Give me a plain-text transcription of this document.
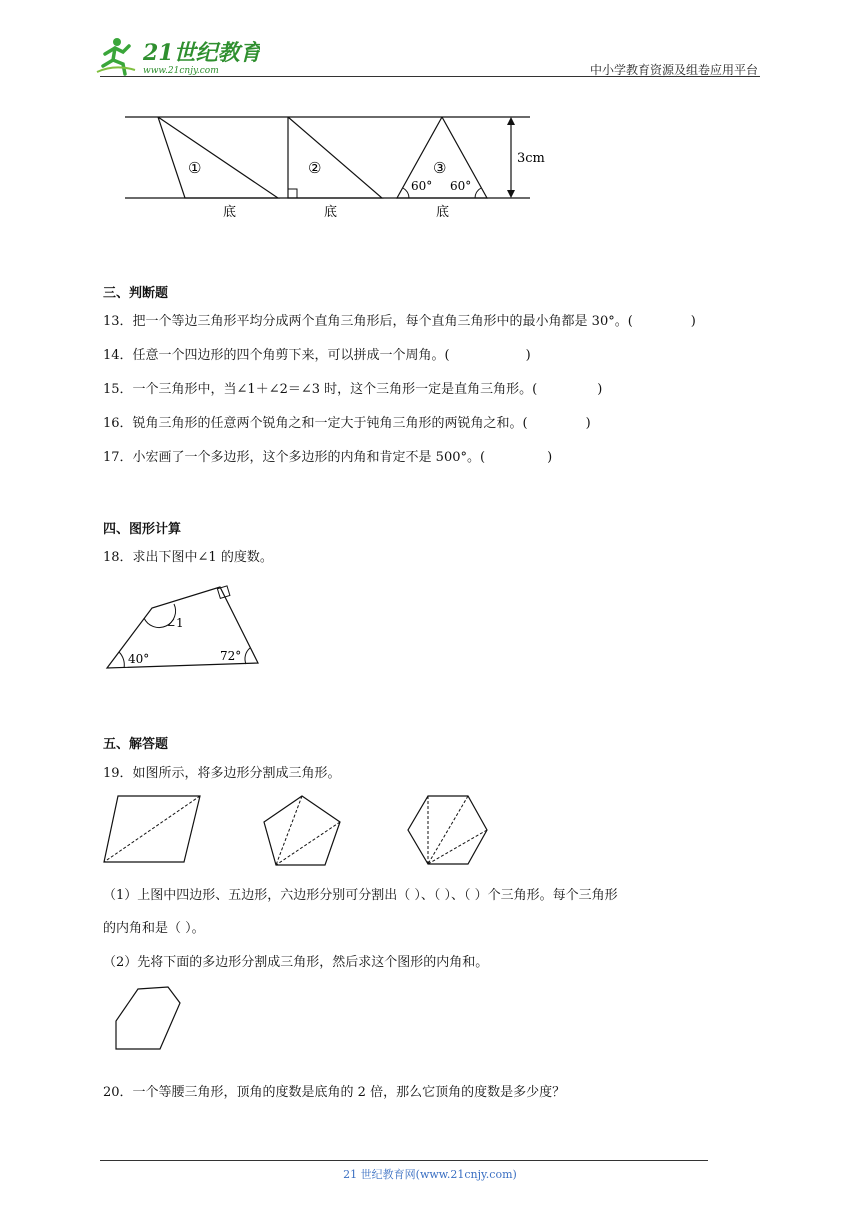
21世纪教育
www.21cnjy.com	中小学教育资源及组卷应用平台
①	②	③
60° 60°
3cm
底	底	底
三、判断题
13．把一个等边三角形平均分成两个直角三角形后，每个直角三角形中的最小角都是 30°。(	)
14．任意一个四边形的四个角剪下来，可以拼成一个周角。(	)
15．一个三角形中，当∠1＋∠2＝∠3 时，这个三角形一定是直角三角形。(	)
16．锐角三角形的任意两个锐角之和一定大于钝角三角形的两锐角之和。(	)
17．小宏画了一个多边形，这个多边形的内角和肯定不是 500°。(	)
四、图形计算
18．求出下图中∠1 的度数。
∠1
40°	72°
五、解答题
19．如图所示，将多边形分割成三角形。
（1）上图中四边形、五边形，六边形分别可分割出（ ）、（ ）、（ ）个三角形。每个三角形
的内角和是（ ）。
（2）先将下面的多边形分割成三角形，然后求这个图形的内角和。
20．一个等腰三角形，顶角的度数是底角的 2 倍，那么它顶角的度数是多少度？
21 世纪教育网(www.21cnjy.com)
